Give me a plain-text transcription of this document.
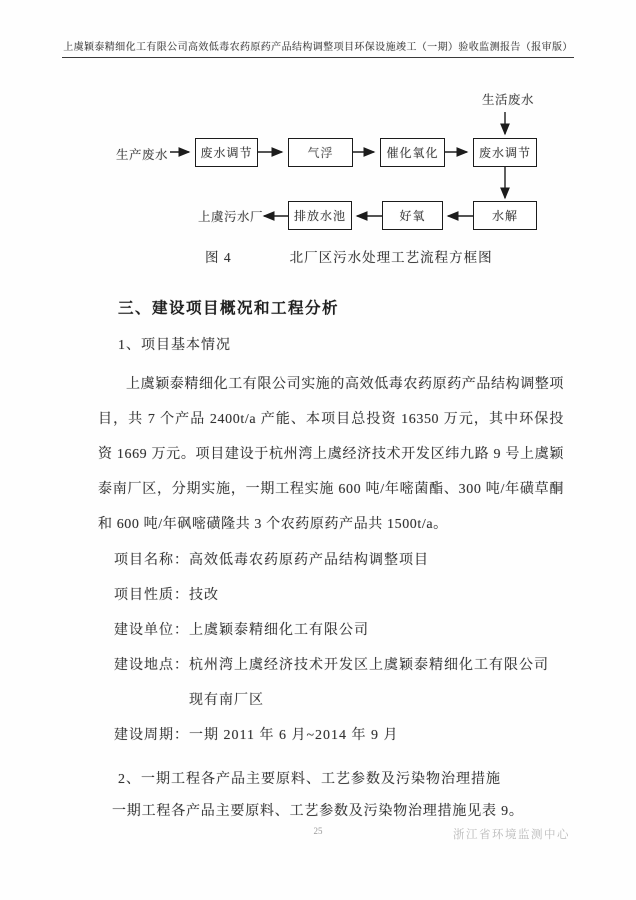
上虞颖泰精细化工有限公司高效低毒农药原药产品结构调整项目环保设施竣工（一期）验收监测报告（报审版）
生活废水
生产废水
上虞污水厂
废水调节	气浮	催化氧化	废水调节
水解
好氧
排放水池
图 4	北厂区污水处理工艺流程方框图
三、建设项目概况和工程分析
1、项目基本情况

上虞颖泰精细化工有限公司实施的高效低毒农药原药产品结构调整项目，共 7 个产品 2400t/a 产能、本项目总投资 16350 万元，其中环保投资 1669 万元。项目建设于杭州湾上虞经济技术开发区纬九路 9 号上虞颖泰南厂区，分期实施，一期工程实施 600 吨/年嘧菌酯、300 吨/年磺草酮和 600 吨/年砜嘧磺隆共 3 个农药原药产品共 1500t/a。

项目名称： 高效低毒农药原药产品结构调整项目
项目性质： 技改
建设单位： 上虞颖泰精细化工有限公司
建设地点： 杭州湾上虞经济技术开发区上虞颖泰精细化工有限公司现有南厂区
建设周期： 一期 2011 年 6 月~2014 年 9 月
2、一期工程各产品主要原料、工艺参数及污染物治理措施

一期工程各产品主要原料、工艺参数及污染物治理措施见表 9。

25	浙江省环境监测中心
